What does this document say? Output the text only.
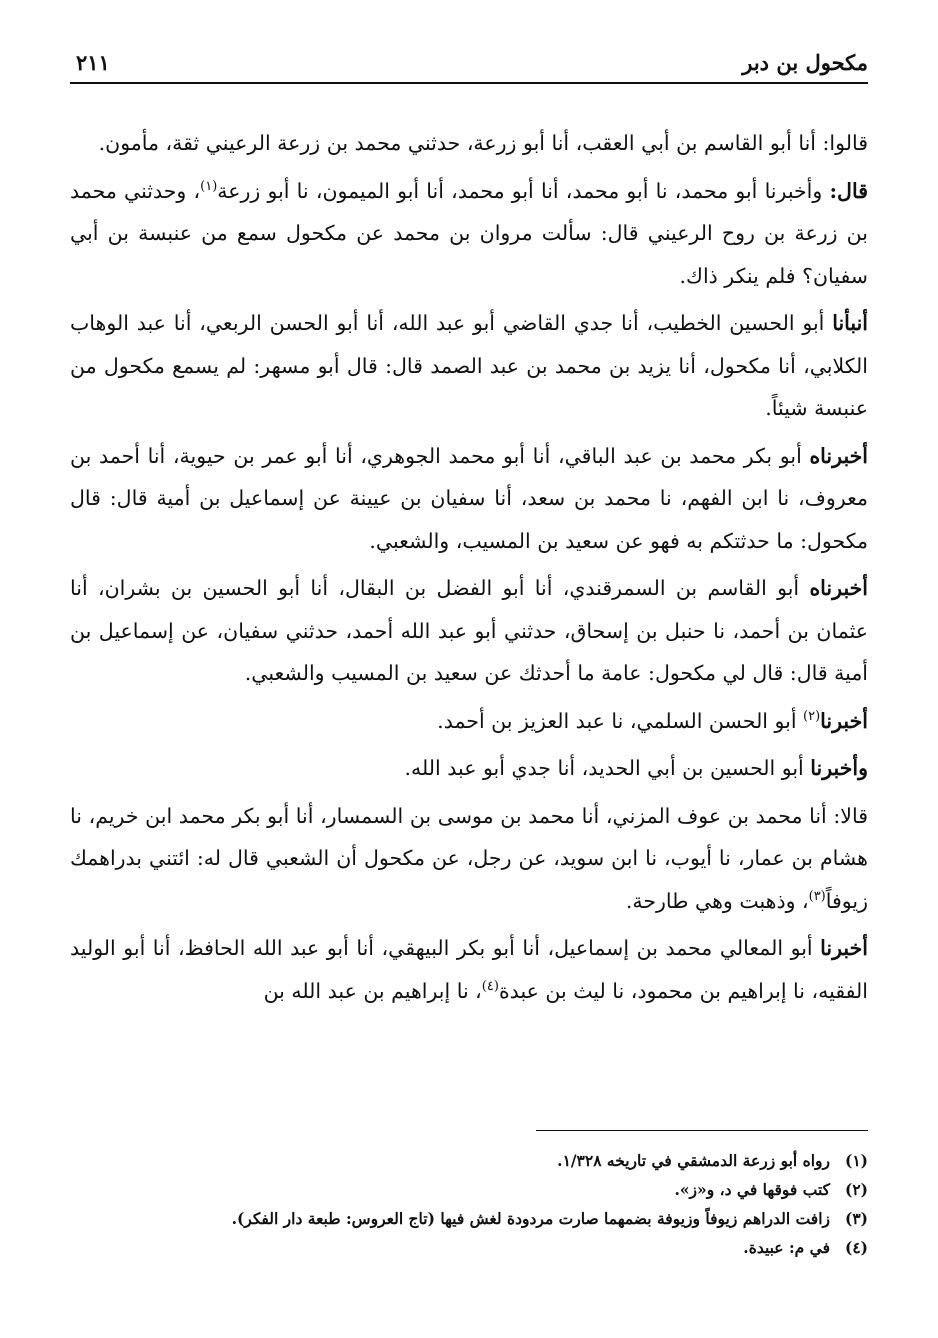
مكحول بن دبر
٢١١

قالوا: أنا أبو القاسم بن أبي العقب، أنا أبو زرعة، حدثني محمد بن زرعة الرعيني ثقة، مأمون.

قال: وأخبرنا أبو محمد، نا أبو محمد، أنا أبو محمد، أنا أبو الميمون، نا أبو زرعة$^{(١)}$، وحدثني محمد بن زرعة بن روح الرعيني قال: سألت مروان بن محمد عن مكحول سمع من عنبسة بن أبي سفيان؟ فلم ينكر ذاك.

أنبأنا أبو الحسين الخطيب، أنا جدي القاضي أبو عبد الله، أنا أبو الحسن الربعي، أنا عبد الوهاب الكلابي، أنا مكحول، أنا يزيد بن محمد بن عبد الصمد قال: قال أبو مسهر: لم يسمع مكحول من عنبسة شيئاً.

أخبرناه أبو بكر محمد بن عبد الباقي، أنا أبو محمد الجوهري، أنا أبو عمر بن حيوية، أنا أحمد بن معروف، نا ابن الفهم، نا محمد بن سعد، أنا سفيان بن عيينة عن إسماعيل بن أمية قال: قال مكحول: ما حدثتكم به فهو عن سعيد بن المسيب، والشعبي.

أخبرناه أبو القاسم بن السمرقندي، أنا أبو الفضل بن البقال، أنا أبو الحسين بن بشران، أنا عثمان بن أحمد، نا حنبل بن إسحاق، حدثني أبو عبد الله أحمد، حدثني سفيان، عن إسماعيل بن أمية قال: قال لي مكحول: عامة ما أحدثك عن سعيد بن المسيب والشعبي.

أخبرنا$^{(٢)}$ أبو الحسن السلمي، نا عبد العزيز بن أحمد.

وأخبرنا أبو الحسين بن أبي الحديد، أنا جدي أبو عبد الله.

قالا: أنا محمد بن عوف المزني، أنا محمد بن موسى بن السمسار، أنا أبو بكر محمد ابن خريم، نا هشام بن عمار، نا أيوب، نا ابن سويد، عن رجل، عن مكحول أن الشعبي قال له: ائتني بدراهمك زيوفاً$^{(٣)}$، وذهبت وهي طارحة.

أخبرنا أبو المعالي محمد بن إسماعيل، أنا أبو بكر البيهقي، أنا أبو عبد الله الحافظ، أنا أبو الوليد الفقيه، نا إبراهيم بن محمود، نا ليث بن عبدة$^{(٤)}$، نا إبراهيم بن عبد الله بن

(١)رواه أبو زرعة الدمشقي في تاريخه ١/٣٢٨.

(٢)كتب فوقها في د، و«ز».

(٣)زافت الدراهم زيوفاً وزيوفة بضمهما صارت مردودة لغش فيها (تاج العروس: طبعة دار الفكر).

(٤)في م: عبيدة.
